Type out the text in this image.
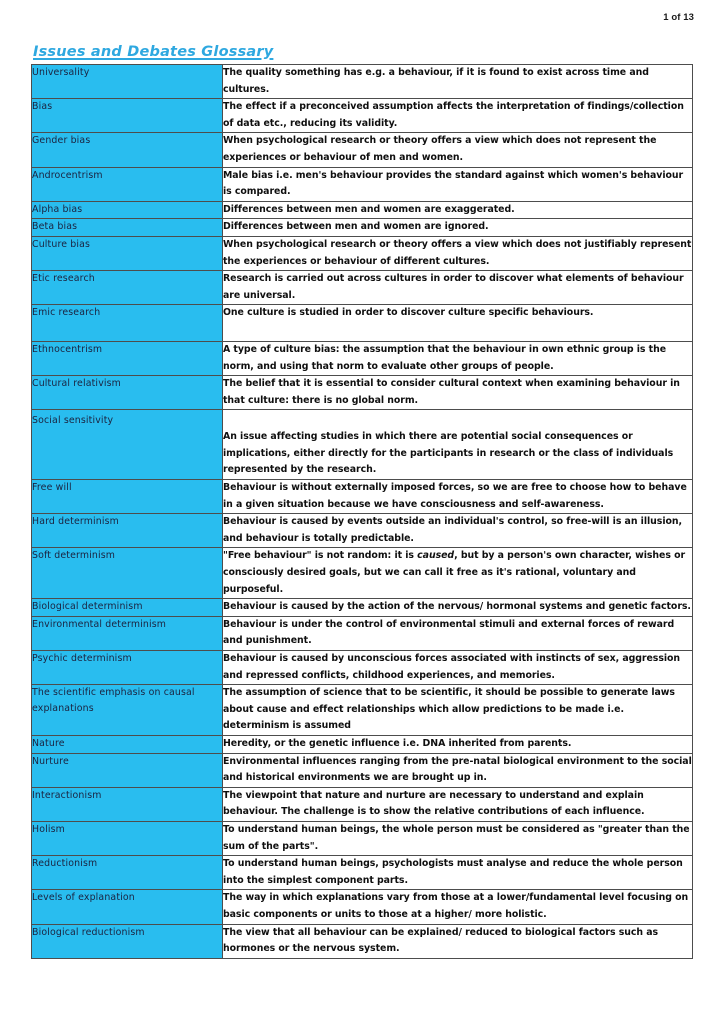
1 of 13
Issues and Debates Glossary
Universality	The quality something has e.g. a behaviour, if it is found to exist across time and cultures.
Bias	The effect if a preconceived assumption affects the interpretation of findings/collection of data etc., reducing its validity.
Gender bias	When psychological research or theory offers a view which does not represent the experiences or behaviour of men and women.
Androcentrism	Male bias i.e. men's behaviour provides the standard against which women's behaviour is compared.
Alpha bias	Differences between men and women are exaggerated.
Beta bias	Differences between men and women are ignored.
Culture bias	When psychological research or theory offers a view which does not justifiably represent the experiences or behaviour of different cultures.
Etic research	Research is carried out across cultures in order to discover what elements of behaviour are universal.
Emic research	One culture is studied in order to discover culture specific behaviours.
Ethnocentrism	A type of culture bias: the assumption that the behaviour in own ethnic group is the norm, and using that norm to evaluate other groups of people.
Cultural relativism	The belief that it is essential to consider cultural context when examining behaviour in that culture: there is no global norm.
Social sensitivity	An issue affecting studies in which there are potential social consequences or implications, either directly for the participants in research or the class of individuals represented by the research.
Free will	Behaviour is without externally imposed forces, so we are free to choose how to behave in a given situation because we have consciousness and self-awareness.
Hard determinism	Behaviour is caused by events outside an individual's control, so free-will is an illusion, and behaviour is totally predictable.
Soft determinism	"Free behaviour" is not random: it is caused, but by a person's own character, wishes or consciously desired goals, but we can call it free as it's rational, voluntary and purposeful.
Biological determinism	Behaviour is caused by the action of the nervous/ hormonal systems and genetic factors.
Environmental determinism	Behaviour is under the control of environmental stimuli and external forces of reward and punishment.
Psychic determinism	Behaviour is caused by unconscious forces associated with instincts of sex, aggression and repressed conflicts, childhood experiences, and memories.
The scientific emphasis on causal explanations	The assumption of science that to be scientific, it should be possible to generate laws about cause and effect relationships which allow predictions to be made i.e. determinism is assumed
Nature	Heredity, or the genetic influence i.e. DNA inherited from parents.
Nurture	Environmental influences ranging from the pre-natal biological environment to the social and historical environments we are brought up in.
Interactionism	The viewpoint that nature and nurture are necessary to understand and explain behaviour. The challenge is to show the relative contributions of each influence.
Holism	To understand human beings, the whole person must be considered as "greater than the sum of the parts".
Reductionism	To understand human beings, psychologists must analyse and reduce the whole person into the simplest component parts.
Levels of explanation	The way in which explanations vary from those at a lower/fundamental level focusing on basic components or units to those at a higher/ more holistic.
Biological reductionism	The view that all behaviour can be explained/ reduced to biological factors such as hormones or the nervous system.
